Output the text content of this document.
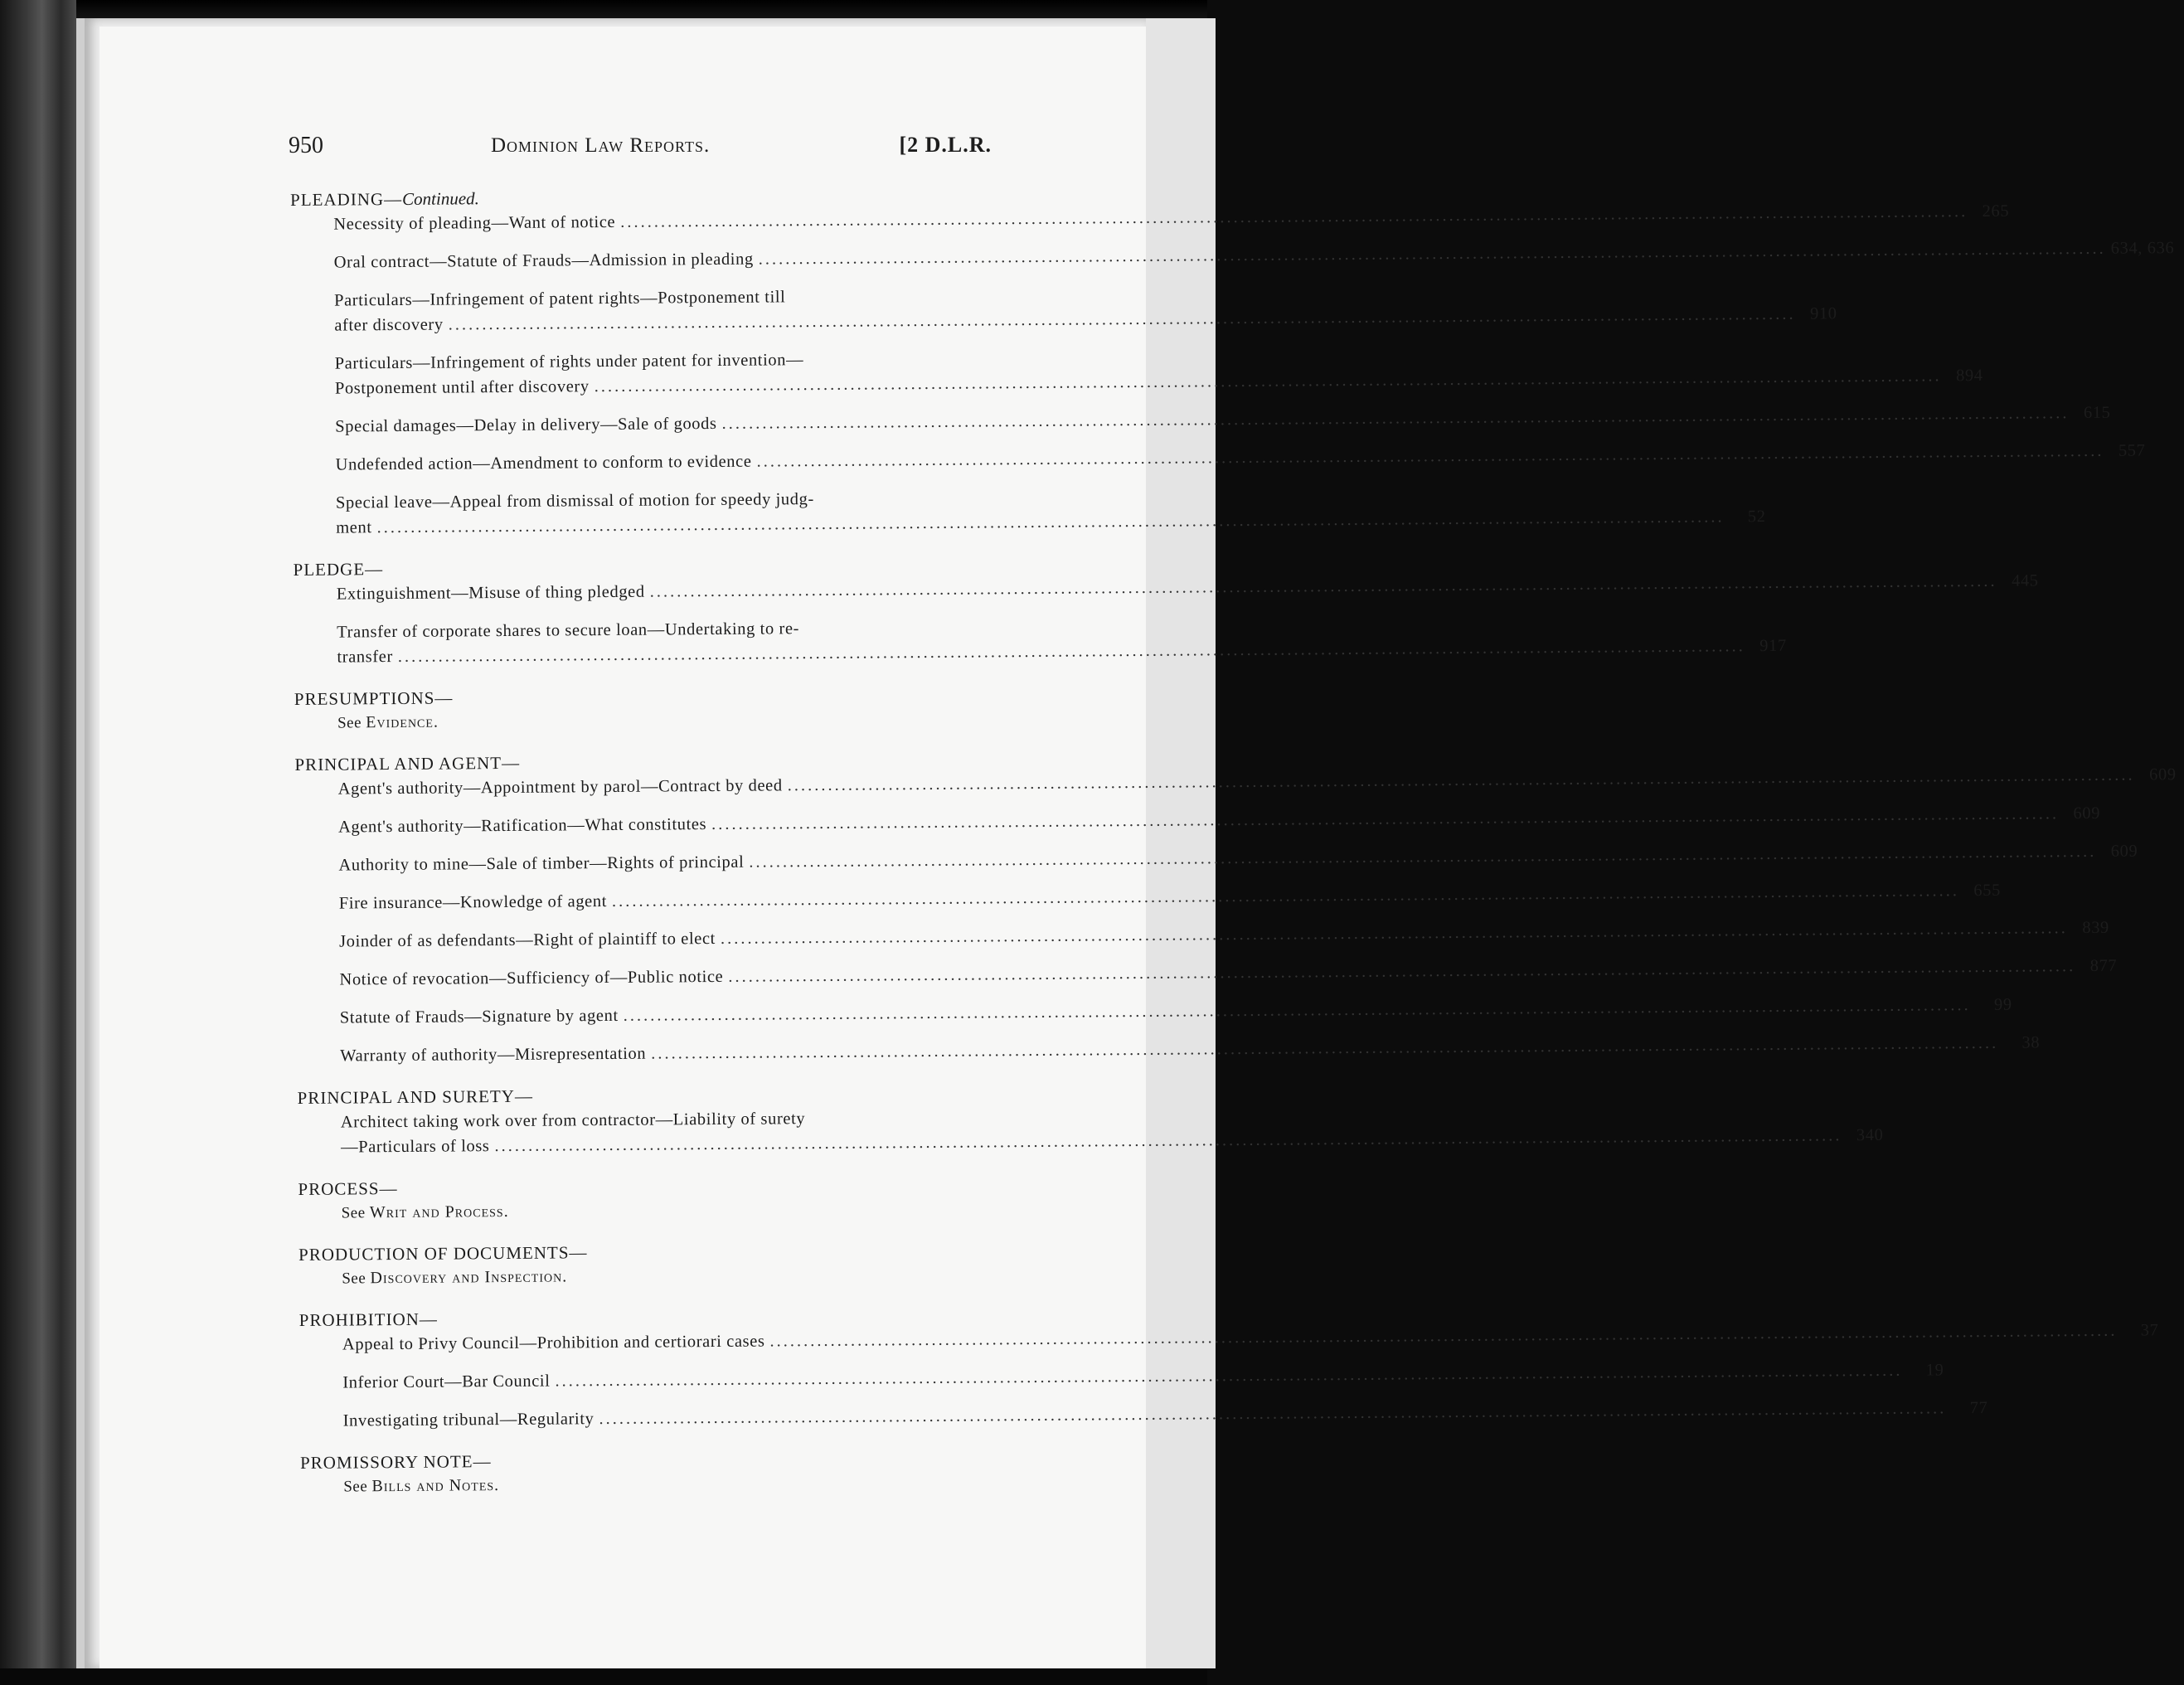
950	Dominion Law Reports.	[2 D.L.R.
PLEADING—Continued.
Necessity of pleading—Want of notice ........................................................................................................................................................................................................ 265
Oral contract—Statute of Frauds—Admission in pleading ........................................................................................................................................................................................................ 634, 636
Particulars—Infringement of patent rights—Postponement till
after discovery ........................................................................................................................................................................................................ 910
Particulars—Infringement of rights under patent for invention—
Postponement until after discovery ........................................................................................................................................................................................................ 894
Special damages—Delay in delivery—Sale of goods ........................................................................................................................................................................................................ 615
Undefended action—Amendment to conform to evidence ........................................................................................................................................................................................................ 557
Special leave—Appeal from dismissal of motion for speedy judg-
ment ........................................................................................................................................................................................................	52
PLEDGE—
Extinguishment—Misuse of thing pledged ........................................................................................................................................................................................................ 445
Transfer of corporate shares to secure loan—Undertaking to re-
transfer ........................................................................................................................................................................................................ 917
PRESUMPTIONS—
See Evidence.
PRINCIPAL AND AGENT—
Agent's authority—Appointment by parol—Contract by deed ........................................................................................................................................................................................................ 609
Agent's authority—Ratification—What constitutes ........................................................................................................................................................................................................ 609
Authority to mine—Sale of timber—Rights of principal ........................................................................................................................................................................................................ 609
Fire insurance—Knowledge of agent ........................................................................................................................................................................................................ 655
Joinder of as defendants—Right of plaintiff to elect ........................................................................................................................................................................................................ 839
Notice of revocation—Sufficiency of—Public notice ........................................................................................................................................................................................................ 877
Statute of Frauds—Signature by agent ........................................................................................................................................................................................................	99
Warranty of authority—Misrepresentation ........................................................................................................................................................................................................	38
PRINCIPAL AND SURETY—
Architect taking work over from contractor—Liability of surety
—Particulars of loss ........................................................................................................................................................................................................ 340
PROCESS—
See Writ and Process.
PRODUCTION OF DOCUMENTS—
See Discovery and Inspection.
PROHIBITION—
Appeal to Privy Council—Prohibition and certiorari cases ........................................................................................................................................................................................................	37
Inferior Court—Bar Council ........................................................................................................................................................................................................	19
Investigating tribunal—Regularity ........................................................................................................................................................................................................	77
PROMISSORY NOTE—
See Bills and Notes.
